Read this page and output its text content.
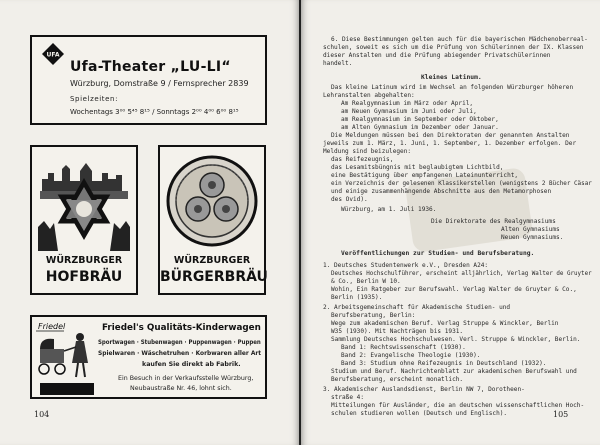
UFA
Ufa-Theater „LU-LI“
Würzburg, Domstraße 9 / Fernsprecher 2839
Spielzeiten:
Wochentags 3⁰⁰ 5⁴⁵ 8¹⁵ / Sonntags 2⁰⁰ 4⁰⁰ 6⁰⁰ 8¹⁵
WÜRZBURGER
HOFBRÄU
WÜRZBURGER
BÜRGERBRÄU
Friedel	Friedel's Qualitäts-Kinderwagen
Sportwagen · Stubenwagen · Puppenwagen · Puppen
Spielwaren · Wäschetruhen · Korbwaren aller Art
kaufen Sie direkt ab Fabrik.
Ein Besuch in der Verkaufsstelle Würzburg,
Neubaustraße Nr. 46, lohnt sich.
104
6. Diese Bestimmungen gelten auch für die bayerischen Mädchenoberreal-
schulen, soweit es sich um die Prüfung von Schülerinnen der IX. Klassen
dieser Anstalten und die Prüfung abiegender Privatschülerinnen
handelt.
Kleines Latinum.
Das kleine Latinum wird im Wechsel an folgenden Würzburger höheren
Lehranstalten abgehalten:
Am Realgymnasium im März oder April,
am Neuen Gymnasium im Juni oder Juli,
am Realgymnasium im September oder Oktober,
am Alten Gymnasium im Dezember oder Januar.
Die Meldungen müssen bei den Direktoraten der genannten Anstalten
jeweils zum 1. März, 1. Juni, 1. September, 1. Dezember erfolgen. Der
Meldung sind beizulegen:
das Reifezeugnis,
das Lesamitsbüngnis mit beglaubigtem Lichtbild,
eine Bestätigung über empfangenen Lateinunterricht,
ein Verzeichnis der gelesenen Klassikerstellen (wenigstens 2 Bücher Cäsar
und einige zusammenhängende Abschnitte aus den Metamorphosen
des Ovid).
Würzburg, am 1. Juli 1936.
Die Direktorate des Realgymnasiums
Alten Gymnasiums
Neuen Gymnasiums.
Veröffentlichungen zur Studien- und Berufsberatung.
1. Deutsches Studentenwerk e.V., Dresden A24:
Deutsches Hochschulführer, erscheint alljährlich, Verlag Walter de Gruyter
& Co., Berlin W 10.
Wohin, Ein Ratgeber zur Berufswahl. Verlag Walter de Gruyter & Co.,
Berlin (1935).
2. Arbeitsgemeinschaft für Akademische Studien- und
Berufsberatung, Berlin:
Wege zum akademischen Beruf. Verlag Struppe & Winckler, Berlin
W35 (1930). Mit Nachträgen bis 1931.
Sammlung Deutsches Hochschulwesen. Verl. Struppe & Winckler, Berlin.
Band 1: Rechtswissenschaft (1930).
Band 2: Evangelische Theologie (1930).
Band 3: Studium ohne Reifezeugnis in Deutschland (1932).
Studium und Beruf. Nachrichtenblatt zur akademischen Berufswahl und
Berufsberatung, erscheint monatlich.
3. Akademischer Auslandsdienst, Berlin NW 7, Dorotheen-
straße 4:
Mitteilungen für Ausländer, die an deutschen wissenschaftlichen Hoch-
schulen studieren wollen (Deutsch und Englisch).	105
